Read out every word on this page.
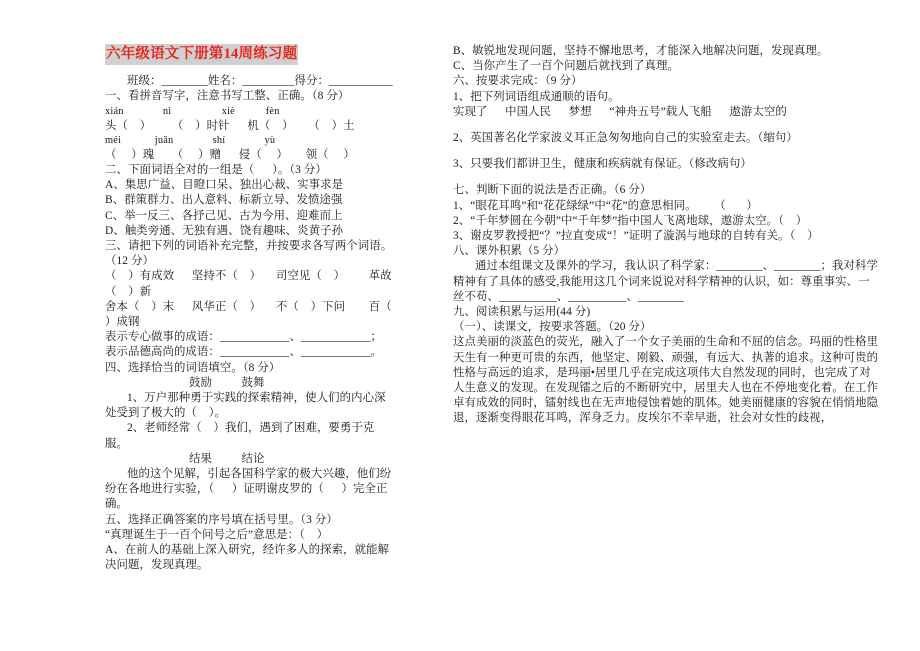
六年级语文下册第14周练习题
班级：________姓名：_________得分：___________
一、看拼音写字，注意书写工整、正确。（8 分）
xián              nì                  xiè           fèn
头（    ）       （    ）时针      机（    ）     （    ）土
méi            juǎn              shí              yù
（     ）瑰      （     ）赠      侵（     ）      领（     ）
二、下面词语全对的一组是（      ）。（3 分）
A、集思广益、目瞪口呆、独出心裁、实事求是
B、群策群力、出人意料、标新立导、发愤途强
C、举一反三、各抒己见、古为今用、迎难而上
D、触类旁通、无独有遇、饶有趣味、炎黄子孙
三、请把下列的词语补充完整，并按要求各写两个词语。（12 分）
（    ）有成效      坚持不（    ）     司空见（    ）        革故（    ）新
舍本（    ）末      风华正（    ）     不（    ）下问        百（    ）成钢
表示专心做事的成语：____________、____________；
表示品德高尚的成语：____________、____________。
四、选择恰当的词语填空。（8 分）
鼓励          鼓舞
1、万户那种勇于实践的探索精神，使人们的内心深处受到了极大的（    ）。
2、老师经常（    ）我们，遇到了困难，要勇于克服。
结果          结论
他的这个见解，引起各国科学家的极大兴趣，他们纷纷在各地进行实验，（      ）证明谢皮罗的（      ）完全正确。
五、选择正确答案的序号填在括号里。（3 分）
“真理诞生于一百个问号之后”意思是：（    ）
A、在前人的基础上深入研究，经许多人的探索，就能解决问题，发现真理。
B、敏锐地发现问题，坚持不懈地思考，才能深入地解决问题，发现真理。
C、当你产生了一百个问题后就找到了真理。
六、按要求完成：（9 分）
1、把下列词语组成通顺的语句。
实现了      中国人民      梦想      “神舟五号”载人飞船      遨游太空的
2、英国著名化学家波义耳正急匆匆地向自己的实验室走去。（缩句）
3、只要我们都讲卫生，健康和疾病就有保证。（修改病句）
七、判断下面的说法是否正确。（6 分）
1、“眼花耳鸣”和“花花绿绿”中“花”的意思相同。      （       ）
2、“千年梦圆在今朝”中“千年梦”指中国人飞离地球，遨游太空。（    ）
3、谢皮罗教授把“？”拉直变成“！”证明了漩涡与地球的自转有关。（    ）
八、课外积累（5 分）
通过本组课文及课外的学习，我认识了科学家：________、________；我对科学精神有了具体的感受,我能用这几个词来说说对科学精神的认识，如：尊重事实、一丝不苟、__________、__________、________
九、阅读积累与运用(44 分)
（一）、读课文，按要求答题。（20 分）
这点美丽的淡蓝色的荧光，融入了一个女子美丽的生命和不屈的信念。玛丽的性格里天生有一种更可贵的东西，他坚定、刚毅、顽强，有远大、执著的追求。这种可贵的性格与高远的追求，是玛丽•居里几乎在完成这项伟大自然发现的同时，也完成了对人生意义的发现。在发现镭之后的不断研究中，居里夫人也在不停地变化着。在工作卓有成效的同时，镭射线也在无声地侵蚀着她的肌体。她美丽健康的容貌在悄悄地隐退，逐渐变得眼花耳鸣，浑身乏力。皮埃尔不幸早逝，社会对女性的歧视，
